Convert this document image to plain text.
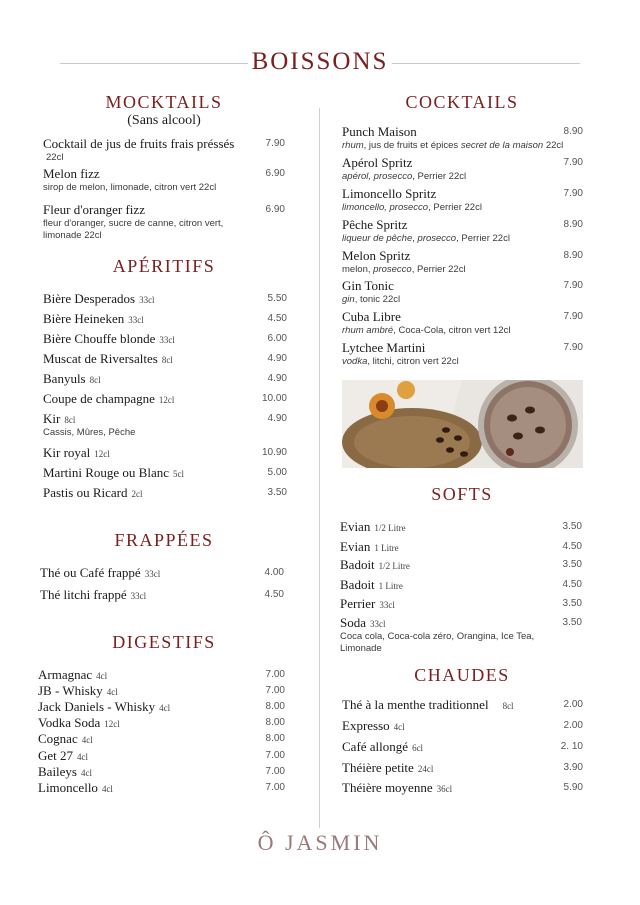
BOISSONS
MOCKTAILS
(Sans alcool)
Cocktail de jus de fruits frais préssés
22cl
7.90
Melon fizz
sirop de melon, limonade, citron vert 22cl
6.90
Fleur d'oranger fizz
fleur d'oranger, sucre de canne, citron vert,
limonade 22cl
6.90
APÉRITIFS
Bière Desperados 33cl	5.50
Bière Heineken 33cl	4.50
Bière Chouffe blonde 33cl	6.00
Muscat de Riversaltes 8cl	4.90
Banyuls 8cl	4.90
Coupe de champagne 12cl	10.00
Kir 8cl
Cassis, Mûres, Pêche
4.90
Kir royal 12cl	10.90
Martini Rouge ou Blanc 5cl	5.00
Pastis ou Ricard 2cl	3.50
FRAPPÉES
Thé ou Café frappé 33cl	4.00
Thé litchi frappé 33cl	4.50
DIGESTIFS
Armagnac 4cl	7.00
JB - Whisky 4cl	7.00
Jack Daniels - Whisky 4cl	8.00
Vodka Soda 12cl	8.00
Cognac 4cl	8.00
Get 27 4cl	7.00
Baileys 4cl	7.00
Limoncello 4cl	7.00
COCKTAILS
Punch Maison
rhum, jus de fruits et épices secret de la maison 22cl
8.90
Apérol Spritz
apérol, prosecco, Perrier 22cl
7.90
Limoncello Spritz
limoncello, prosecco, Perrier 22cl
7.90
Pêche Spritz
liqueur de pêche, prosecco, Perrier 22cl
8.90
Melon Spritz
melon, prosecco, Perrier 22cl
8.90
Gin Tonic
gin, tonic 22cl
7.90
Cuba Libre
rhum ambré, Coca-Cola, citron vert 12cl
7.90
Lytchee Martini
vodka, litchi, citron vert 22cl
7.90
SOFTS
Evian 1/2 Litre	3.50
Evian 1 Litre	4.50
Badoit 1/2 Litre	3.50
Badoit 1 Litre	4.50
Perrier 33cl	3.50
Soda 33cl
Coca cola, Coca-cola zéro, Orangina, Ice Tea,
Limonade
3.50
CHAUDES
Thé à la menthe traditionnel 8cl	2.00
Expresso 4cl	2.00
Café allongé 6cl	2. 10
Théière petite 24cl	3.90
Théière moyenne 36cl	5.90
Ô JASMIN
